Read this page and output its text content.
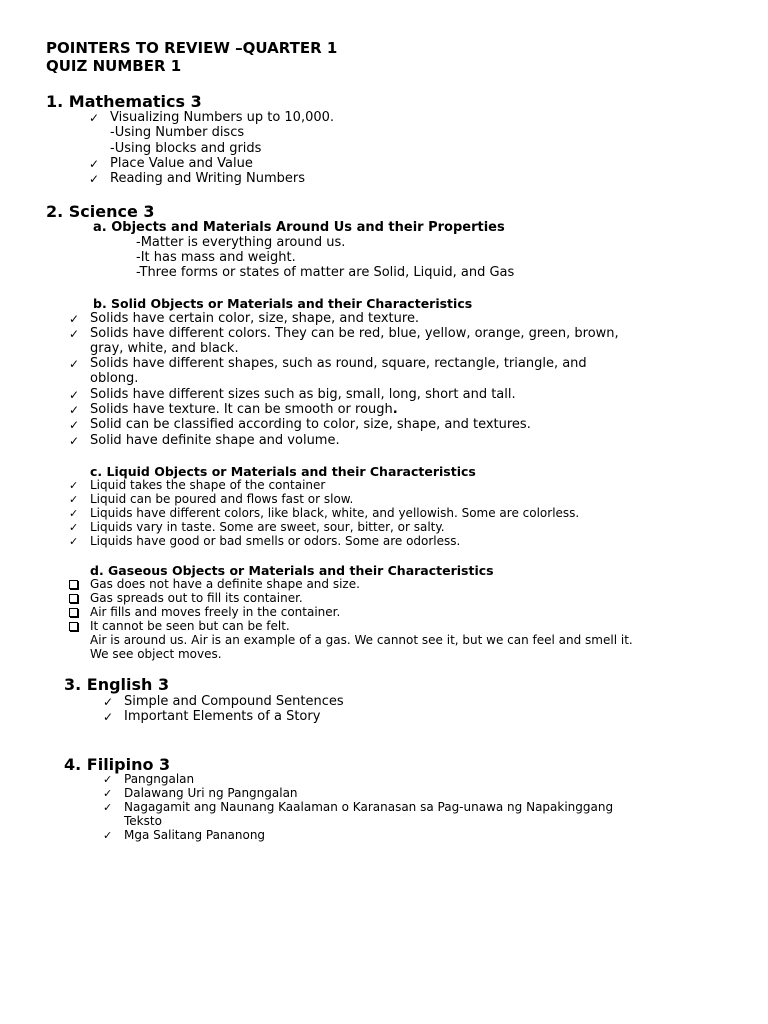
POINTERS TO REVIEW –QUARTER 1
QUIZ NUMBER 1
1. Mathematics 3
✓ Visualizing Numbers up to 10,000.
-Using Number discs
-Using blocks and grids
✓ Place Value and Value
✓ Reading and Writing Numbers
2. Science 3
a. Objects and Materials Around Us and their Properties
-Matter is everything around us.
-It has mass and weight.
-Three forms or states of matter are Solid, Liquid, and Gas
b. Solid Objects or Materials and their Characteristics
✓ Solids have certain color, size, shape, and texture.
✓ Solids have different colors. They can be red, blue, yellow, orange, green, brown,
gray, white, and black.
✓ Solids have different shapes, such as round, square, rectangle, triangle, and
oblong.
✓ Solids have different sizes such as big, small, long, short and tall.
✓ Solids have texture. It can be smooth or rough.
✓ Solid can be classified according to color, size, shape, and textures.
✓ Solid have definite shape and volume.
c. Liquid Objects or Materials and their Characteristics
✓ Liquid takes the shape of the container
✓ Liquid can be poured and flows fast or slow.
✓ Liquids have different colors, like black, white, and yellowish. Some are colorless.
✓ Liquids vary in taste. Some are sweet, sour, bitter, or salty.
✓ Liquids have good or bad smells or odors. Some are odorless.
d. Gaseous Objects or Materials and their Characteristics
Gas does not have a definite shape and size.
Gas spreads out to fill its container.
Air fills and moves freely in the container.
It cannot be seen but can be felt.
Air is around us. Air is an example of a gas. We cannot see it, but we can feel and smell it.
We see object moves.
3. English 3
✓ Simple and Compound Sentences
✓ Important Elements of a Story
4. Filipino 3
✓ Pangngalan
✓ Dalawang Uri ng Pangngalan
✓ Nagagamit ang Naunang Kaalaman o Karanasan sa Pag-unawa ng Napakinggang
Teksto
✓ Mga Salitang Pananong
